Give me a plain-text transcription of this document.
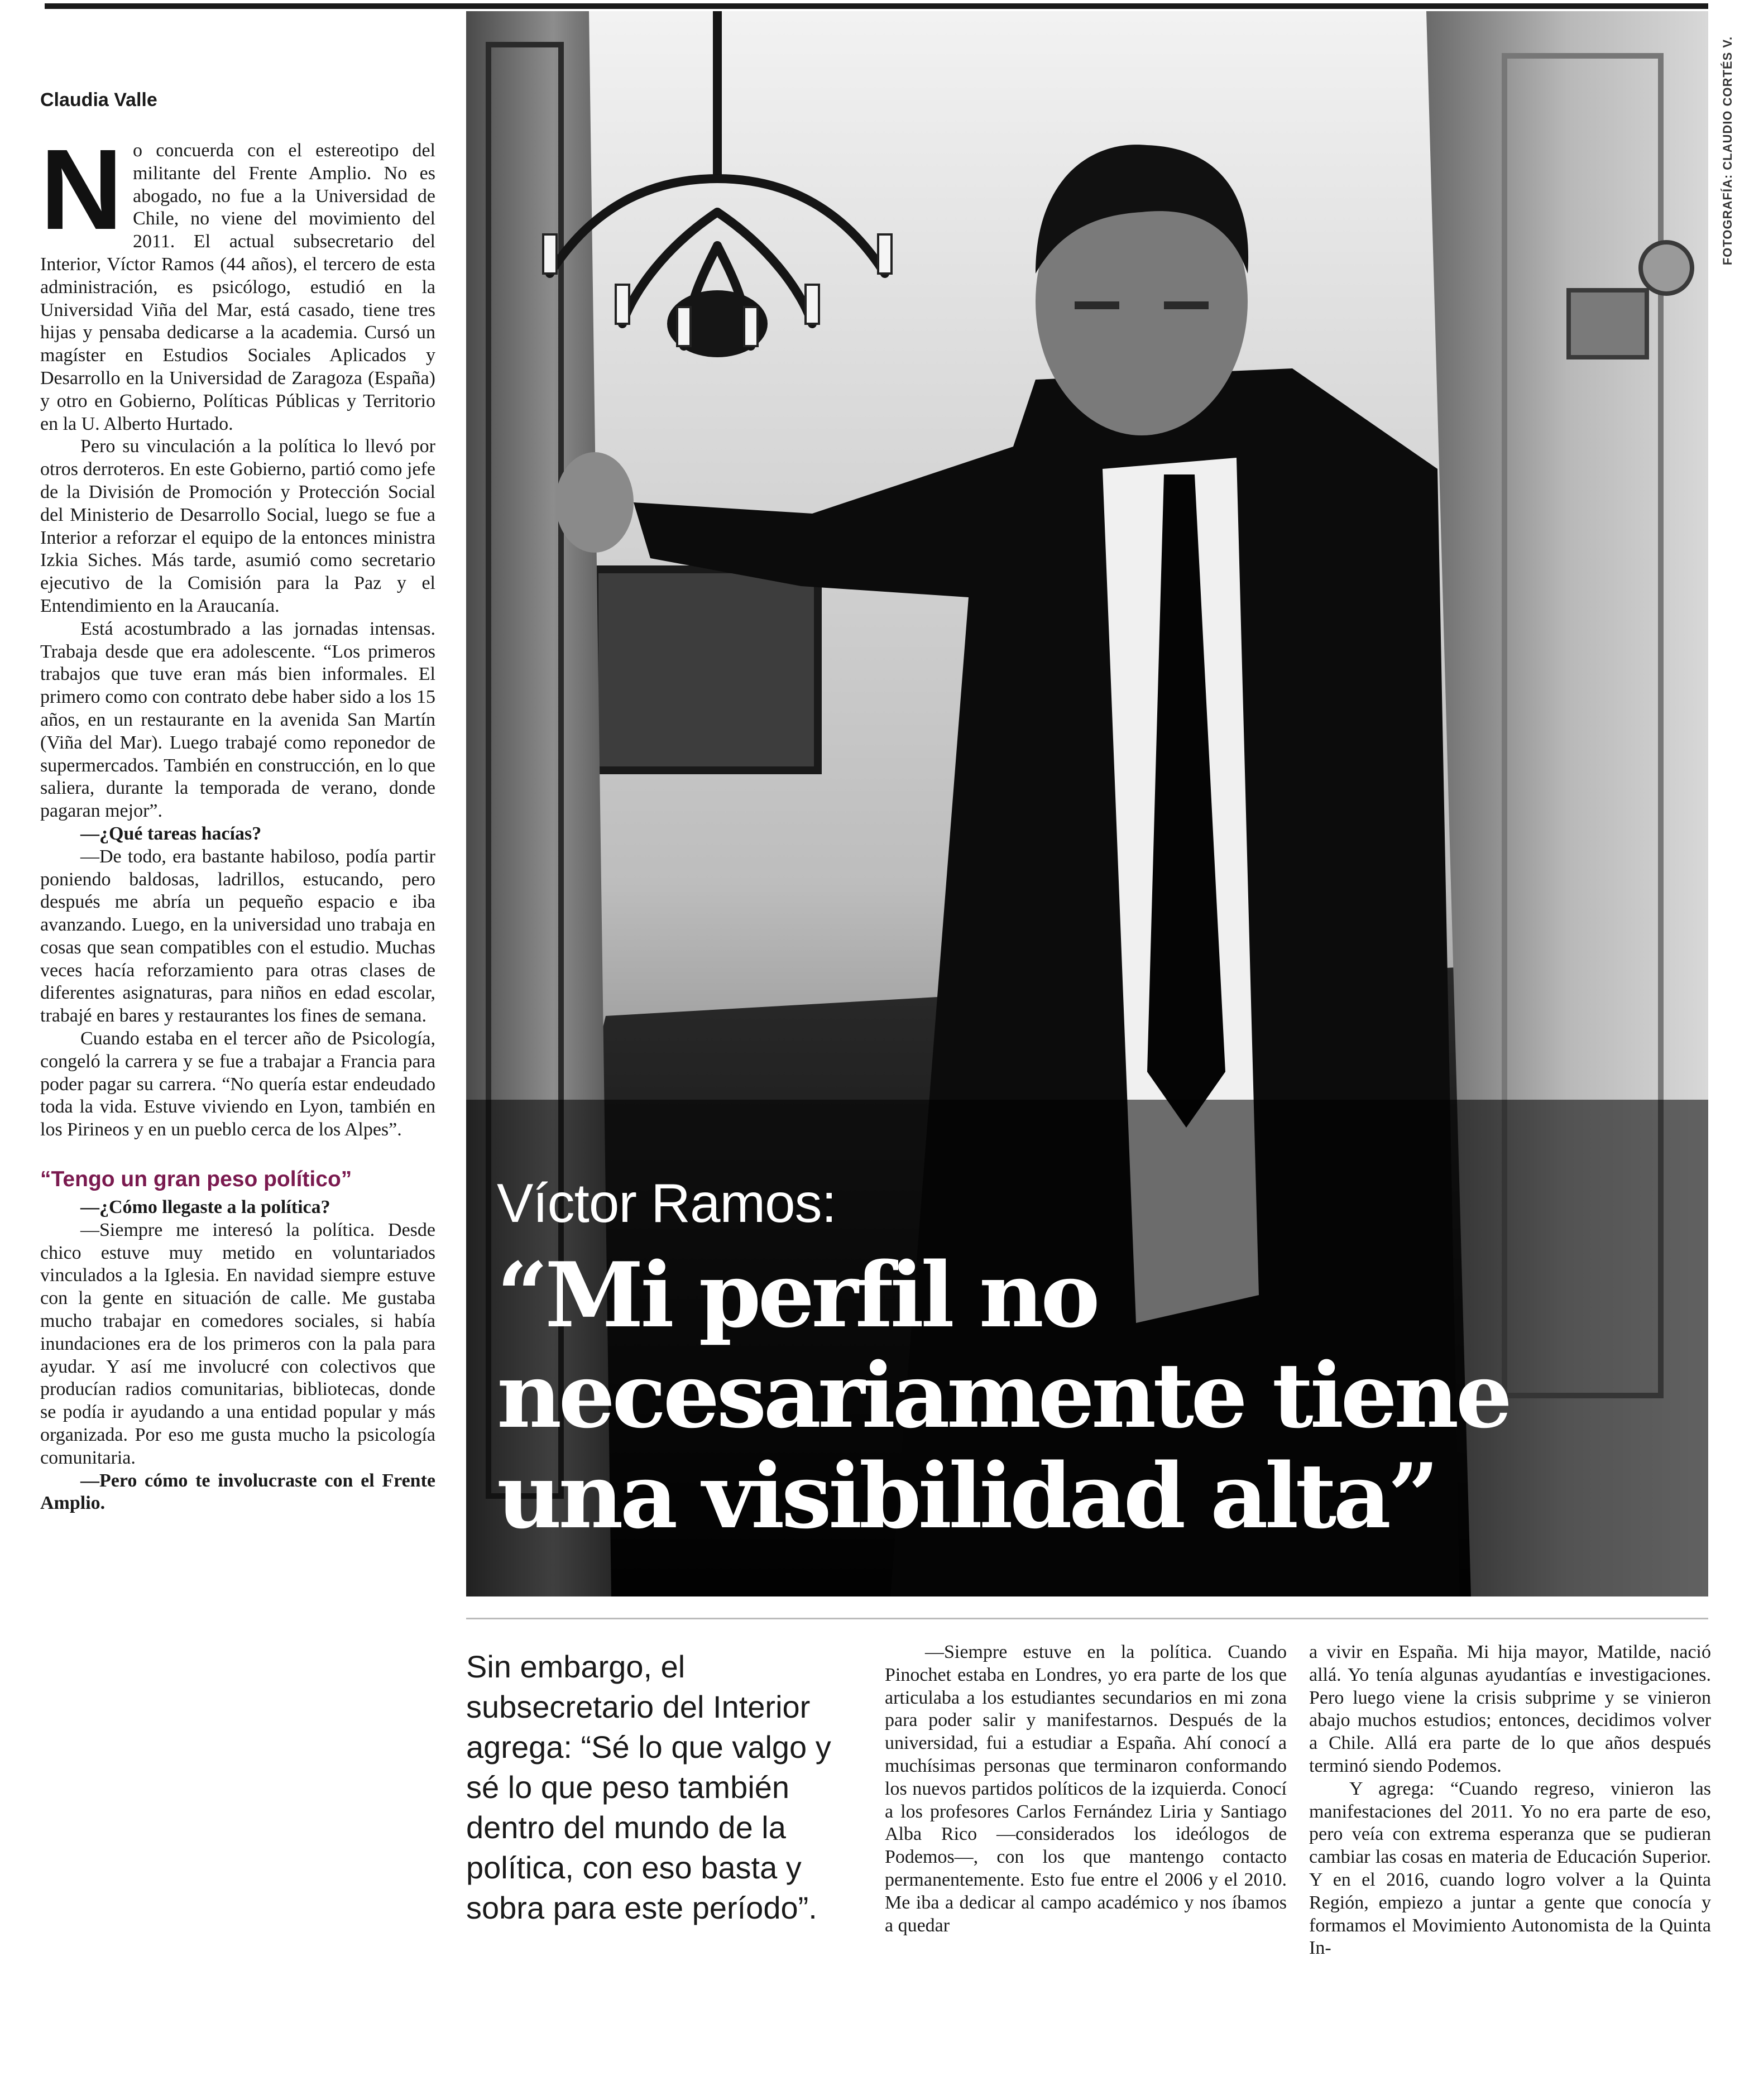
Claudia Valle

No concuerda con el estereotipo del militante del Frente Amplio. No es abogado, no fue a la Universidad de Chile, no viene del movimiento del 2011. El actual subsecretario del Interior, Víctor Ramos (44 años), el tercero de esta administración, es psicólogo, estudió en la Universidad Viña del Mar, está casado, tiene tres hijas y pensaba dedicarse a la academia. Cursó un magíster en Estudios Sociales Aplicados y Desarrollo en la Universidad de Zaragoza (España) y otro en Gobierno, Políticas Públicas y Territorio en la U. Alberto Hurtado.

Pero su vinculación a la política lo llevó por otros derroteros. En este Gobierno, partió como jefe de la División de Promoción y Protección Social del Ministerio de Desarrollo Social, luego se fue a Interior a reforzar el equipo de la entonces ministra Izkia Siches. Más tarde, asumió como secretario ejecutivo de la Comisión para la Paz y el Entendimiento en la Araucanía.

Está acostumbrado a las jornadas intensas. Trabaja desde que era adolescente. “Los primeros trabajos que tuve eran más bien informales. El primero como con contrato debe haber sido a los 15 años, en un restaurante en la avenida San Martín (Viña del Mar). Luego trabajé como reponedor de supermercados. También en construcción, en lo que saliera, durante la temporada de verano, donde pagaran mejor”.

—¿Qué tareas hacías?

—De todo, era bastante habiloso, podía partir poniendo baldosas, ladrillos, estucando, pero después me abría un pequeño espacio e iba avanzando. Luego, en la universidad uno trabaja en cosas que sean compatibles con el estudio. Muchas veces hacía reforzamiento para otras clases de diferentes asignaturas, para niños en edad escolar, trabajé en bares y restaurantes los fines de semana.

Cuando estaba en el tercer año de Psicología, congeló la carrera y se fue a trabajar a Francia para poder pagar su carrera. “No quería estar endeudado toda la vida. Estuve viviendo en Lyon, también en los Pirineos y en un pueblo cerca de los Alpes”.

“Tengo un gran peso político”

—¿Cómo llegaste a la política?

—Siempre me interesó la política. Desde chico estuve muy metido en voluntariados vinculados a la Iglesia. En navidad siempre estuve con la gente en situación de calle. Me gustaba mucho trabajar en comedores sociales, si había inundaciones era de los primeros con la pala para ayudar. Y así me involucré con colectivos que producían radios comunitarias, bibliotecas, donde se podía ir ayudando a una entidad popular y más organizada. Por eso me gusta mucho la psicología comunitaria.

—Pero cómo te involucraste con el Frente Amplio.

FOTOGRAFÍA: CLAUDIO CORTÉS V.
Víctor Ramos:
“Mi perfil no necesariamente tiene una visibilidad alta”
Sin embargo, el subsecretario del Interior agrega: “Sé lo que valgo y sé lo que peso también dentro del mundo de la política, con eso basta y sobra para este período”.

—Siempre estuve en la política. Cuando Pinochet estaba en Londres, yo era parte de los que articulaba a los estudiantes secundarios en mi zona para poder salir y manifestarnos. Después de la universidad, fui a estudiar a España. Ahí conocí a muchísimas personas que terminaron conformando los nuevos partidos políticos de la izquierda. Conocí a los profesores Carlos Fernández Liria y Santiago Alba Rico —considerados los ideólogos de Podemos—, con los que mantengo contacto permanentemente. Esto fue entre el 2006 y el 2010. Me iba a dedicar al campo académico y nos íbamos a quedar

a vivir en España. Mi hija mayor, Matilde, nació allá. Yo tenía algunas ayudantías e investigaciones. Pero luego viene la crisis subprime y se vinieron abajo muchos estudios; entonces, decidimos volver a Chile. Allá era parte de lo que años después terminó siendo Podemos.

Y agrega: “Cuando regreso, vinieron las manifestaciones del 2011. Yo no era parte de eso, pero veía con extrema esperanza que se pudieran cambiar las cosas en materia de Educación Superior. Y en el 2016, cuando logro volver a la Quinta Región, empiezo a juntar a gente que conocía y formamos el Movimiento Autonomista de la Quinta In-
